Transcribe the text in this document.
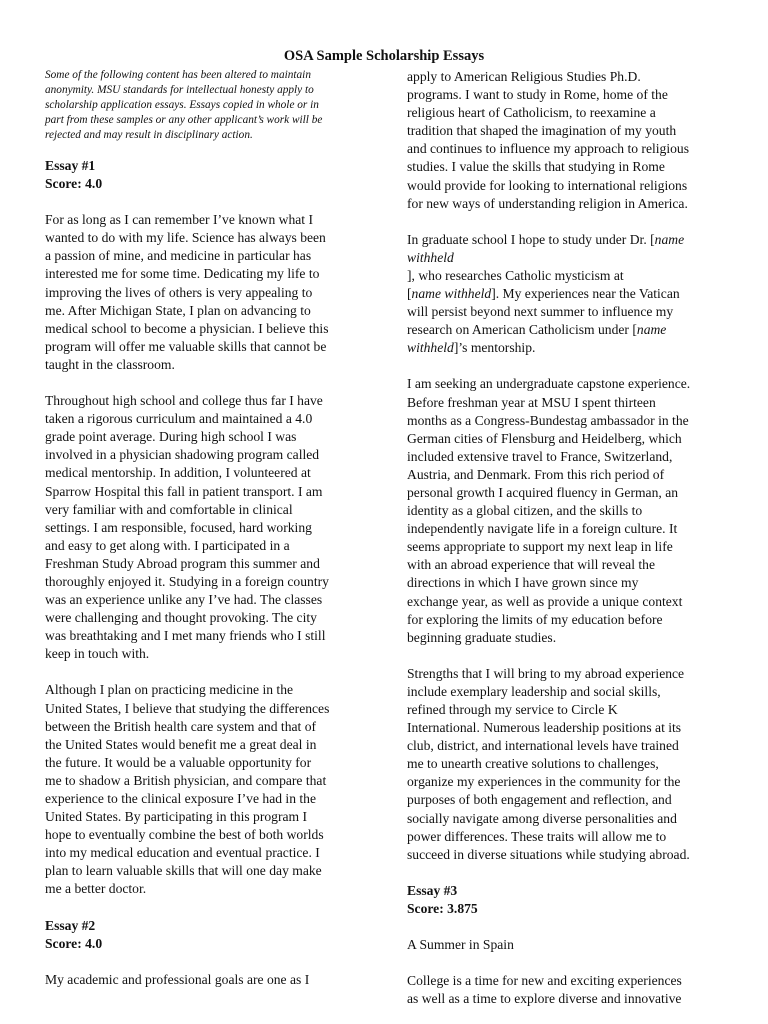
OSA Sample Scholarship Essays
Some of the following content has been altered to maintain
anonymity. MSU standards for intellectual honesty apply to
scholarship application essays. Essays copied in whole or in
part from these samples or any other applicant’s work will be
rejected and may result in disciplinary action.
Essay #1
Score: 4.0
For as long as I can remember I’ve known what I
wanted to do with my life. Science has always been
a passion of mine, and medicine in particular has
interested me for some time. Dedicating my life to
improving the lives of others is very appealing to
me. After Michigan State, I plan on advancing to
medical school to become a physician. I believe this
program will offer me valuable skills that cannot be
taught in the classroom.
Throughout high school and college thus far I have
taken a rigorous curriculum and maintained a 4.0
grade point average. During high school I was
involved in a physician shadowing program called
medical mentorship. In addition, I volunteered at
Sparrow Hospital this fall in patient transport. I am
very familiar with and comfortable in clinical
settings. I am responsible, focused, hard working
and easy to get along with. I participated in a
Freshman Study Abroad program this summer and
thoroughly enjoyed it. Studying in a foreign country
was an experience unlike any I’ve had. The classes
were challenging and thought provoking. The city
was breathtaking and I met many friends who I still
keep in touch with.
Although I plan on practicing medicine in the
United States, I believe that studying the differences
between the British health care system and that of
the United States would benefit me a great deal in
the future. It would be a valuable opportunity for
me to shadow a British physician, and compare that
experience to the clinical exposure I’ve had in the
United States. By participating in this program I
hope to eventually combine the best of both worlds
into my medical education and eventual practice. I
plan to learn valuable skills that will one day make
me a better doctor.
Essay #2
Score: 4.0
My academic and professional goals are one as I
apply to American Religious Studies Ph.D.
programs. I want to study in Rome, home of the
religious heart of Catholicism, to reexamine a
tradition that shaped the imagination of my youth
and continues to influence my approach to religious
studies. I value the skills that studying in Rome
would provide for looking to international religions
for new ways of understanding religion in America.
In graduate school I hope to study under Dr. [name withheld
], who researches Catholic mysticism at
[name withheld]. My experiences near the Vatican
will persist beyond next summer to influence my
research on American Catholicism under [name
withheld]’s mentorship.
I am seeking an undergraduate capstone experience.
Before freshman year at MSU I spent thirteen
months as a Congress-Bundestag ambassador in the
German cities of Flensburg and Heidelberg, which
included extensive travel to France, Switzerland,
Austria, and Denmark. From this rich period of
personal growth I acquired fluency in German, an
identity as a global citizen, and the skills to
independently navigate life in a foreign culture. It
seems appropriate to support my next leap in life
with an abroad experience that will reveal the
directions in which I have grown since my
exchange year, as well as provide a unique context
for exploring the limits of my education before
beginning graduate studies.
Strengths that I will bring to my abroad experience
include exemplary leadership and social skills,
refined through my service to Circle K
International. Numerous leadership positions at its
club, district, and international levels have trained
me to unearth creative solutions to challenges,
organize my experiences in the community for the
purposes of both engagement and reflection, and
socially navigate among diverse personalities and
power differences. These traits will allow me to
succeed in diverse situations while studying abroad.
Essay #3
Score: 3.875
A Summer in Spain
College is a time for new and exciting experiences
as well as a time to explore diverse and innovative
